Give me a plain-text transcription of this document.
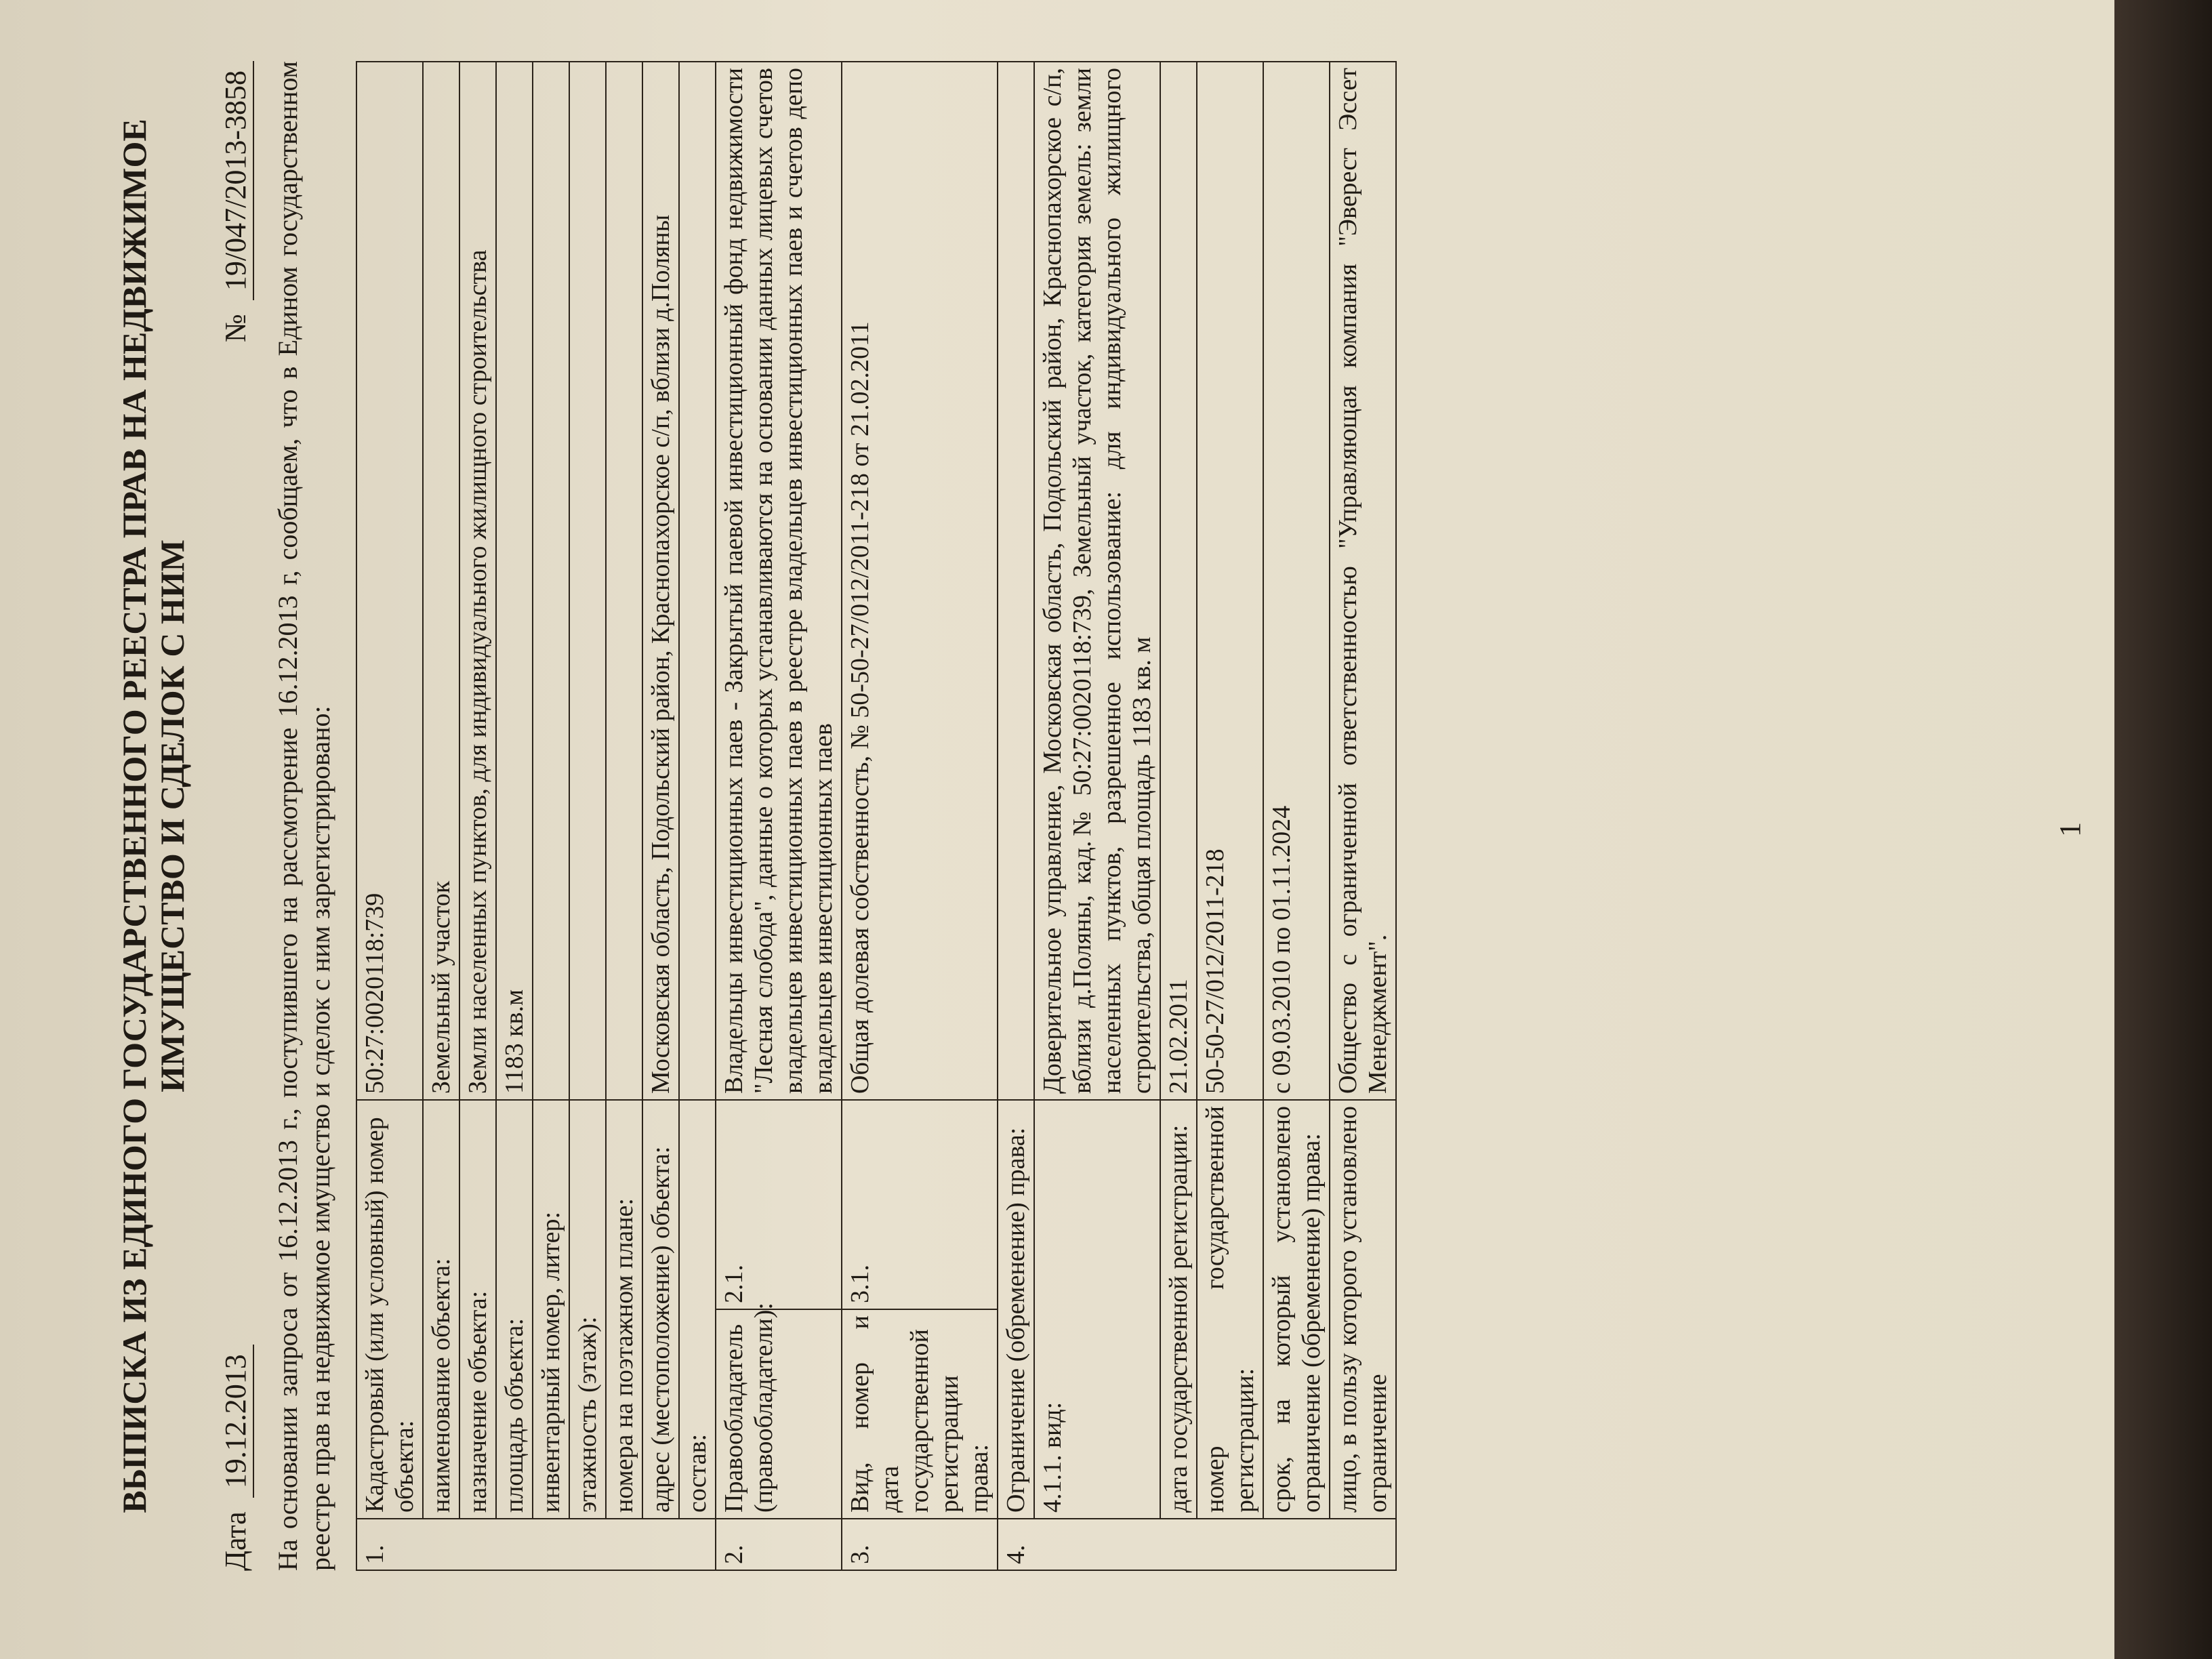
ВЫПИСКА ИЗ ЕДИНОГО ГОСУДАРСТВЕННОГО РЕЕСТРА ПРАВ НА НЕДВИЖИМОЕ ИМУЩЕСТВО И СДЕЛОК С НИМ
Дата
19.12.2013
№
19/047/2013-3858 На основании запроса от 16.12.2013 г., поступившего на рассмотрение 16.12.2013 г, сообщаем, что в Едином государственном реестре прав на недвижимое имущество и сделок с ним зарегистрировано: 1.	Кадастровый (или условный) номер объекта:		50:27:0020118:739
	наименование объекта:		Земельный участок
	назначение объекта:		Земли населенных пунктов, для индивидуального жилищного строительства
	площадь объекта:		1183 кв.м
	инвентарный номер, литер:		
	этажность (этаж):		
	номера на поэтажном плане:		
	адрес (местоположение) объекта:		Московская область, Подольский район, Краснопахорское с/п, вблизи д.Поляны
	состав:		
2.	Правообладатель (правообладатели):	2.1.	Владельцы инвестиционных паев - Закрытый паевой инвестиционный фонд недвижимости "Лесная слобода", данные о которых устанавливаются на основании данных лицевых счетов владельцев инвестиционных паев в реестре владельцев инвестиционных паев и счетов депо владельцев инвестиционных паев
3.	Вид, номер и дата государственной регистрации права:	3.1.	Общая долевая собственность, № 50-50-27/012/2011-218 от 21.02.2011
4.	Ограничение (обременение) права:		
	4.1.1. вид:		Доверительное управление, Московская область, Подольский район, Краснопахорское с/п, вблизи д.Поляны, кад.№ 50:27:0020118:739, Земельный участок, категория земель: земли населенных пунктов, разрешенное использование: для индивидуального жилищного строительства, общая площадь 1183 кв. м
	дата государственной регистрации:		21.02.2011
	номер государственной регистрации:		50-50-27/012/2011-218
	срок, на который установлено ограничение (обременение) права:		с 09.03.2010 по 01.11.2024
	лицо, в пользу которого установлено ограничение		Общество с ограниченной ответственностью "Управляющая компания "Эверест Эссет Менеджмент".
1
